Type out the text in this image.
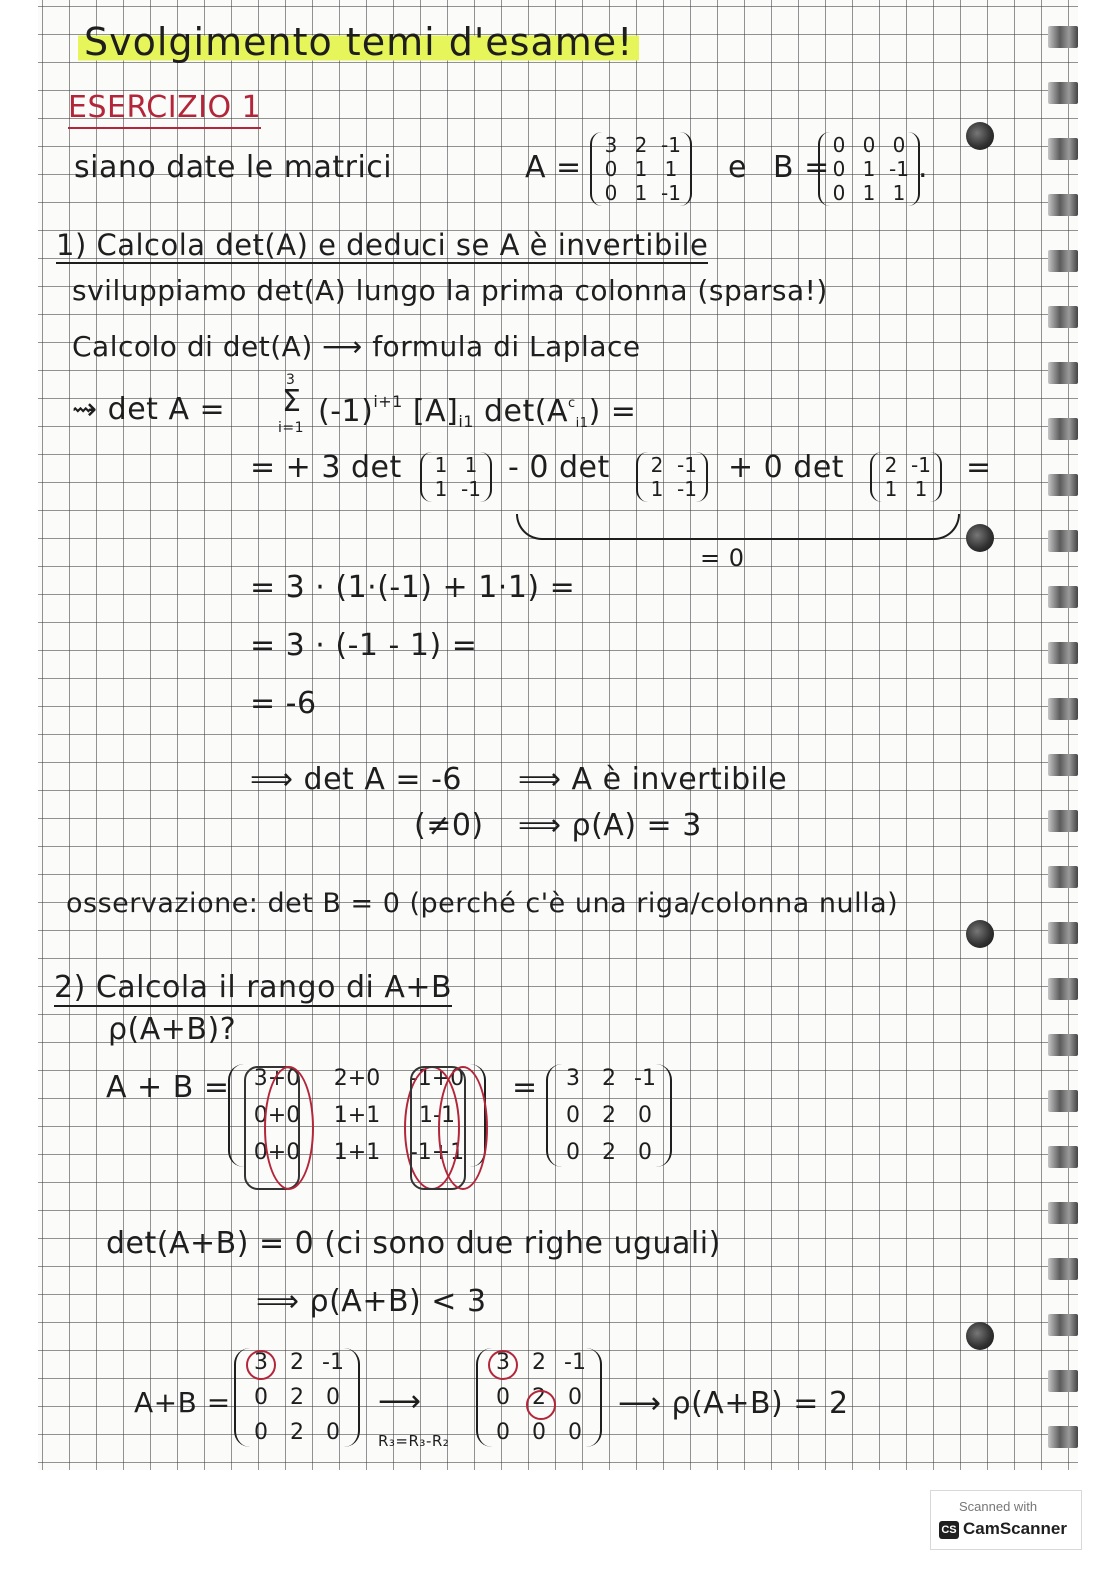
Svolgimento temi d'esame!
ESERCIZIO 1
siano date le matrici	A =
3 2 -1
0 1 1
0 1 -1
e B =
0 0 0
0 1 -1
0 1 1
.
1) Calcola det(A) e deduci se A è invertibile
sviluppiamo det(A) lungo la prima colonna (sparsa!)
Calcolo di det(A) ⟶ formula di Laplace
⇝ det A =
3
Σ
i=1 $(-1)^{i+1}$ $[A]_{i1}$ $\det(A^c_{i1})$ =
= + 3 det 1 1
1 -1
- 0 det 2 -1
1 -1
+ 0 det 2 -1
1 1
=
= 0
= 3 · (1·(-1) + 1·1) =
= 3 · (-1 - 1) =
= -6
⟹ det A = -6 ⟹ A è invertibile
(≠0) ⟹ ρ(A) = 3
osservazione: det B = 0 (perché c'è una riga/colonna nulla)
2) Calcola il rango di A+B
ρ(A+B)?
A + B =	3+0	2+0	-1+0
0+0	1+1	1-1
0+0	1+1	-1+1
= 3 2 -1
0 2 0
0 2 0
det(A+B) = 0 (ci sono due righe uguali)
⟹ ρ(A+B) < 3
A+B =
3 2 -1
0 2 0
0 2 0
⟶
R₃=R₃-R₂
3 2 -1
0 2 0
0 0 0
⟶ ρ(A+B) = 2
Scanned with
CS CamScanner
